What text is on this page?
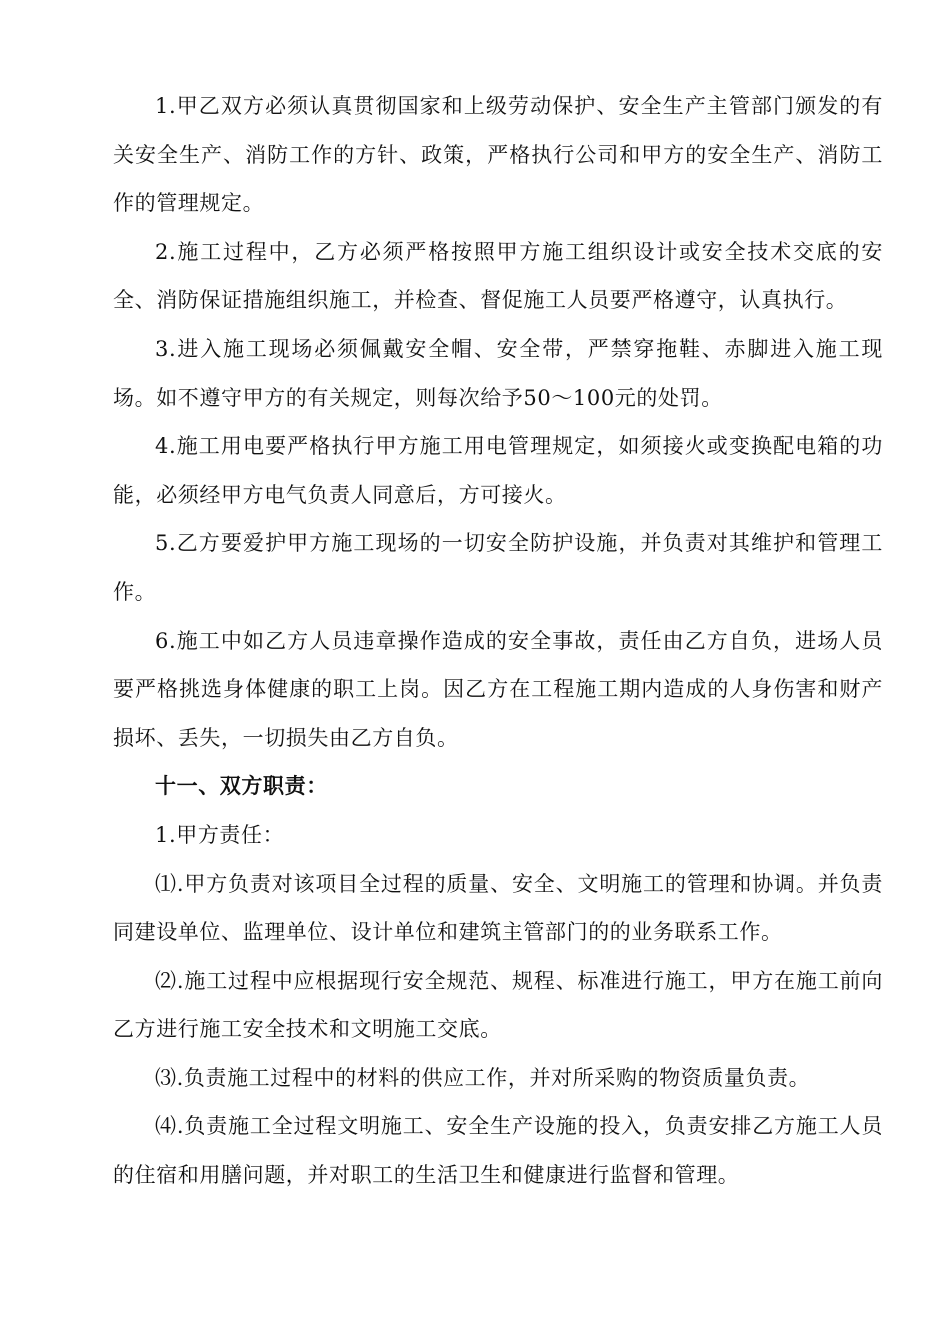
1.甲乙双方必须认真贯彻国家和上级劳动保护、安全生产主管部门颁发的有关安全生产、消防工作的方针、政策，严格执行公司和甲方的安全生产、消防工作的管理规定。

2.施工过程中，乙方必须严格按照甲方施工组织设计或安全技术交底的安全、消防保证措施组织施工，并检查、督促施工人员要严格遵守，认真执行。

3.进入施工现场必须佩戴安全帽、安全带，严禁穿拖鞋、赤脚进入施工现场。如不遵守甲方的有关规定，则每次给予50～100元的处罚。

4.施工用电要严格执行甲方施工用电管理规定，如须接火或变换配电箱的功能，必须经甲方电气负责人同意后，方可接火。

5.乙方要爱护甲方施工现场的一切安全防护设施，并负责对其维护和管理工作。

6.施工中如乙方人员违章操作造成的安全事故，责任由乙方自负，进场人员要严格挑选身体健康的职工上岗。因乙方在工程施工期内造成的人身伤害和财产损坏、丢失，一切损失由乙方自负。

十一、双方职责：

1.甲方责任：

⑴.甲方负责对该项目全过程的质量、安全、文明施工的管理和协调。并负责同建设单位、监理单位、设计单位和建筑主管部门的的业务联系工作。

⑵.施工过程中应根据现行安全规范、规程、标准进行施工，甲方在施工前向乙方进行施工安全技术和文明施工交底。

⑶.负责施工过程中的材料的供应工作，并对所采购的物资质量负责。

⑷.负责施工全过程文明施工、安全生产设施的投入，负责安排乙方施工人员的住宿和用膳问题，并对职工的生活卫生和健康进行监督和管理。
